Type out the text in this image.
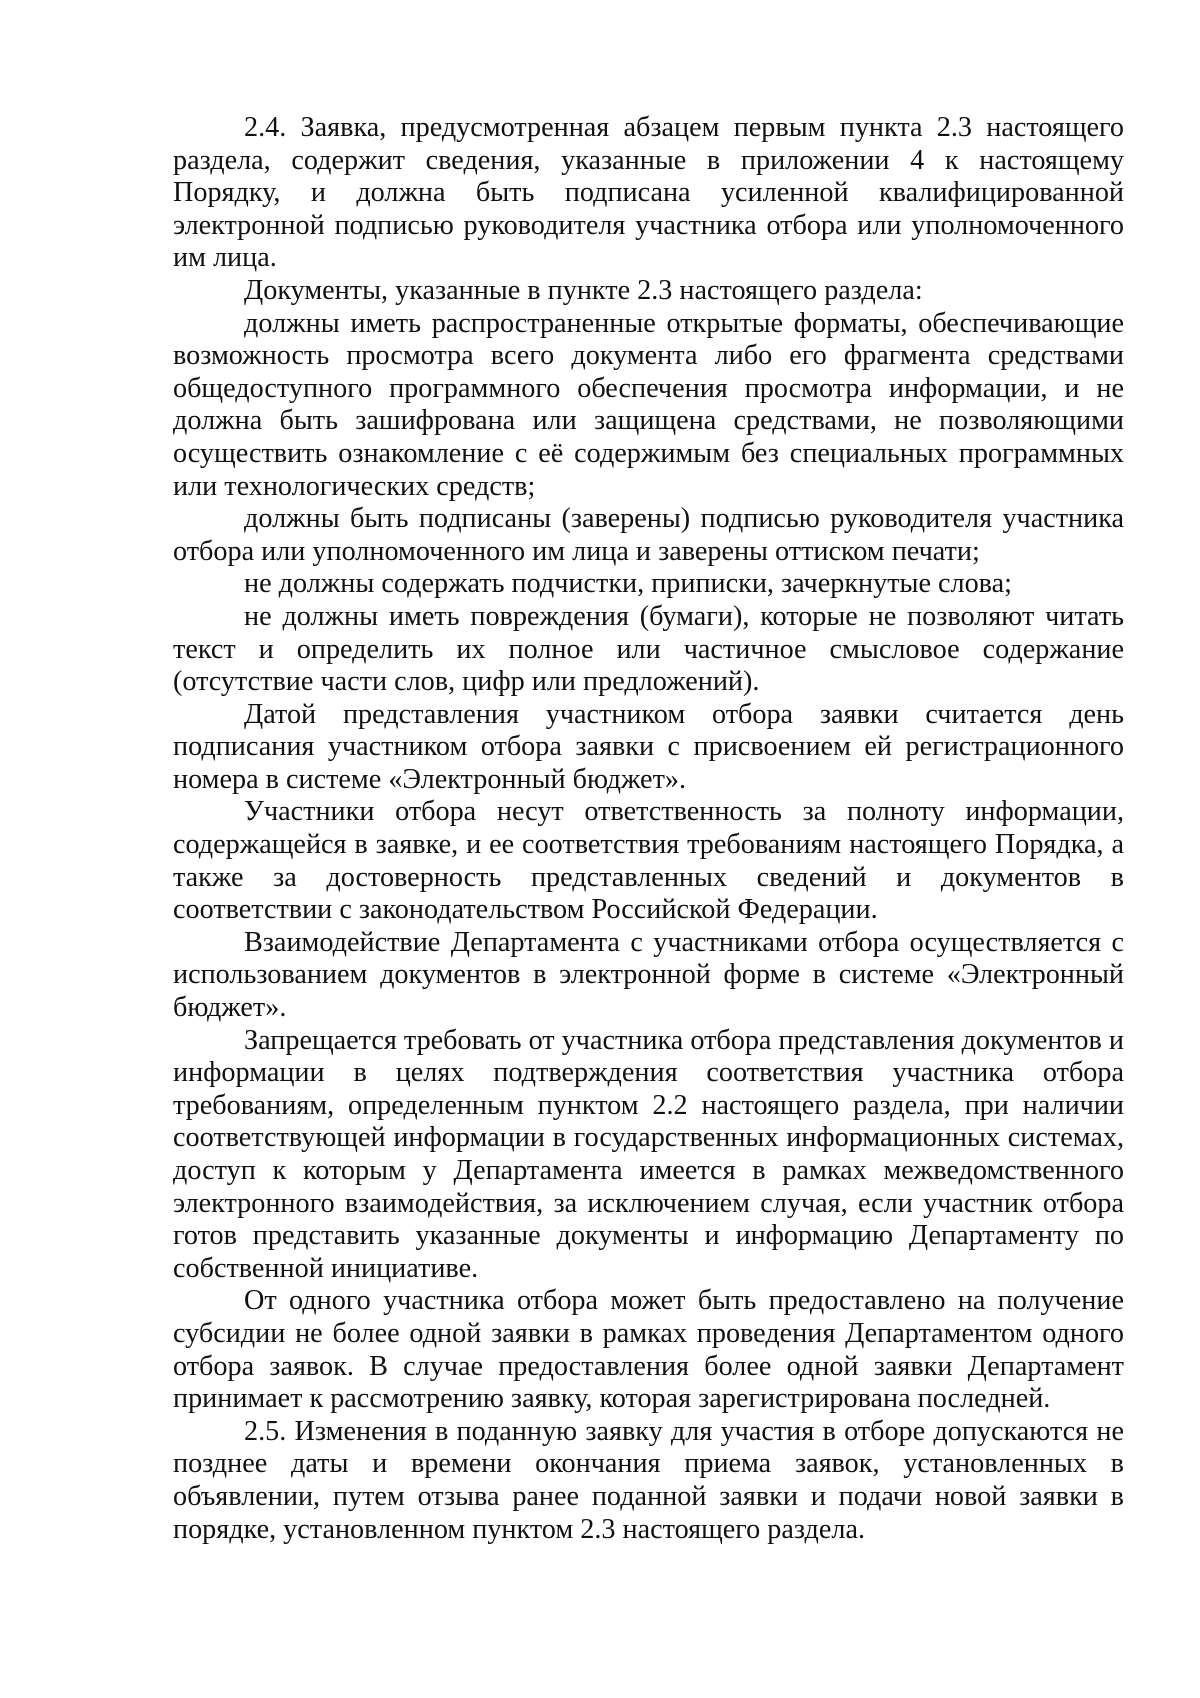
2.4. Заявка, предусмотренная абзацем первым пункта 2.3 настоящего раздела, содержит сведения, указанные в приложении 4 к настоящему Порядку, и должна быть подписана усиленной квалифицированной электронной подписью руководителя участника отбора или уполномоченного им лица.

Документы, указанные в пункте 2.3 настоящего раздела:

должны иметь распространенные открытые форматы, обеспечивающие возможность просмотра всего документа либо его фрагмента средствами общедоступного программного обеспечения просмотра информации, и не должна быть зашифрована или защищена средствами, не позволяющими осуществить ознакомление с её содержимым без специальных программных или технологических средств;

должны быть подписаны (заверены) подписью руководителя участника отбора или уполномоченного им лица и заверены оттиском печати;

не должны содержать подчистки, приписки, зачеркнутые слова;

не должны иметь повреждения (бумаги), которые не позволяют читать текст и определить их полное или частичное смысловое содержание (отсутствие части слов, цифр или предложений).

Датой представления участником отбора заявки считается день подписания участником отбора заявки с присвоением ей регистрационного номера в системе «Электронный бюджет».

Участники отбора несут ответственность за полноту информации, содержащейся в заявке, и ее соответствия требованиям настоящего Порядка, а также за достоверность представленных сведений и документов в соответствии с законодательством Российской Федерации.

Взаимодействие Департамента с участниками отбора осуществляется с использованием документов в электронной форме в системе «Электронный бюджет».

Запрещается требовать от участника отбора представления документов и информации в целях подтверждения соответствия участника отбора требованиям, определенным пунктом 2.2 настоящего раздела, при наличии соответствующей информации в государственных информационных системах, доступ к которым у Департамента имеется в рамках межведомственного электронного взаимодействия, за исключением случая, если участник отбора готов представить указанные документы и информацию Департаменту по собственной инициативе.

От одного участника отбора может быть предоставлено на получение субсидии не более одной заявки в рамках проведения Департаментом одного отбора заявок. В случае предоставления более одной заявки Департамент принимает к рассмотрению заявку, которая зарегистрирована последней.

2.5. Изменения в поданную заявку для участия в отборе допускаются не позднее даты и времени окончания приема заявок, установленных в объявлении, путем отзыва ранее поданной заявки и подачи новой заявки в порядке, установленном пунктом 2.3 настоящего раздела.
